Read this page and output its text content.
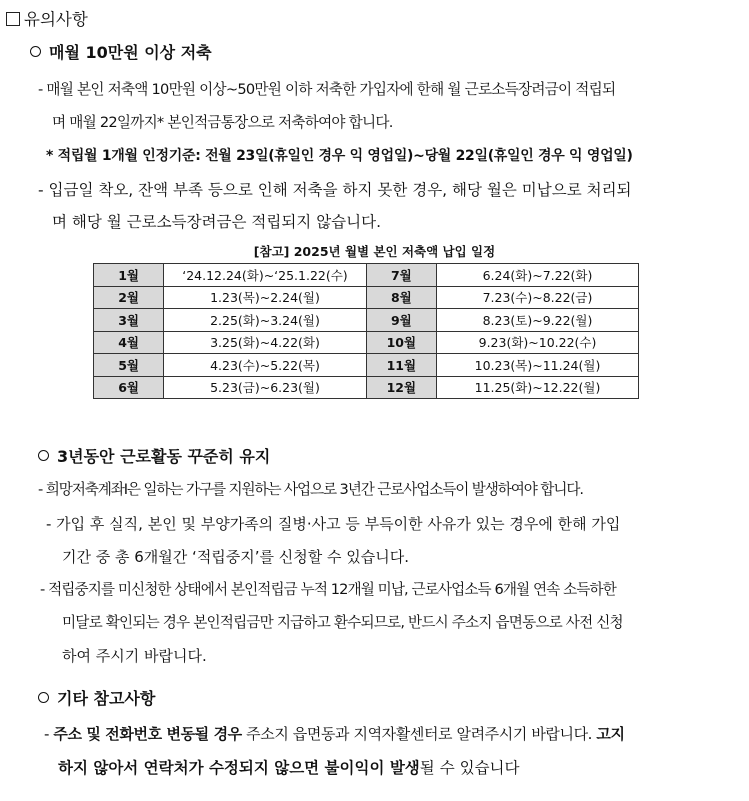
유의사항
매월 10만원 이상 저축
- 매월 본인 저축액 10만원 이상~50만원 이하 저축한 가입자에 한해 월 근로소득장려금이 적립되
며 매월 22일까지* 본인적금통장으로 저축하여야 합니다.
* 적립월 1개월 인정기준: 전월 23일(휴일인 경우 익 영업일)~당월 22일(휴일인 경우 익 영업일)
- 입금일 착오, 잔액 부족 등으로 인해 저축을 하지 못한 경우, 해당 월은 미납으로 처리되
며 해당 월 근로소득장려금은 적립되지 않습니다.
[참고] 2025년 월별 본인 저축액 납입 일정
1월	‘24.12.24(화)~‘25.1.22(수)	7월	6.24(화)~7.22(화)
2월	1.23(목)~2.24(월)	8월	7.23(수)~8.22(금)
3월	2.25(화)~3.24(월)	9월	8.23(토)~9.22(월)
4월	3.25(화)~4.22(화)	10월	9.23(화)~10.22(수)
5월	4.23(수)~5.22(목)	11월	10.23(목)~11.24(월)
6월	5.23(금)~6.23(월)	12월	11.25(화)~12.22(월)
3년동안 근로활동 꾸준히 유지
- 희망저축계좌Ⅰ은 일하는 가구를 지원하는 사업으로 3년간 근로사업소득이 발생하여야 합니다.
- 가입 후 실직, 본인 및 부양가족의 질병·사고 등 부득이한 사유가 있는 경우에 한해 가입
기간 중 총 6개월간 ‘적립중지’를 신청할 수 있습니다.
- 적립중지를 미신청한 상태에서 본인적립금 누적 12개월 미납, 근로사업소득 6개월 연속 소득하한
미달로 확인되는 경우 본인적립금만 지급하고 환수되므로, 반드시 주소지 읍면동으로 사전 신청
하여 주시기 바랍니다.
기타 참고사항
- 주소 및 전화번호 변동될 경우 주소지 읍면동과 지역자활센터로 알려주시기 바랍니다. 고지
하지 않아서 연락처가 수정되지 않으면 불이익이 발생될 수 있습니다
